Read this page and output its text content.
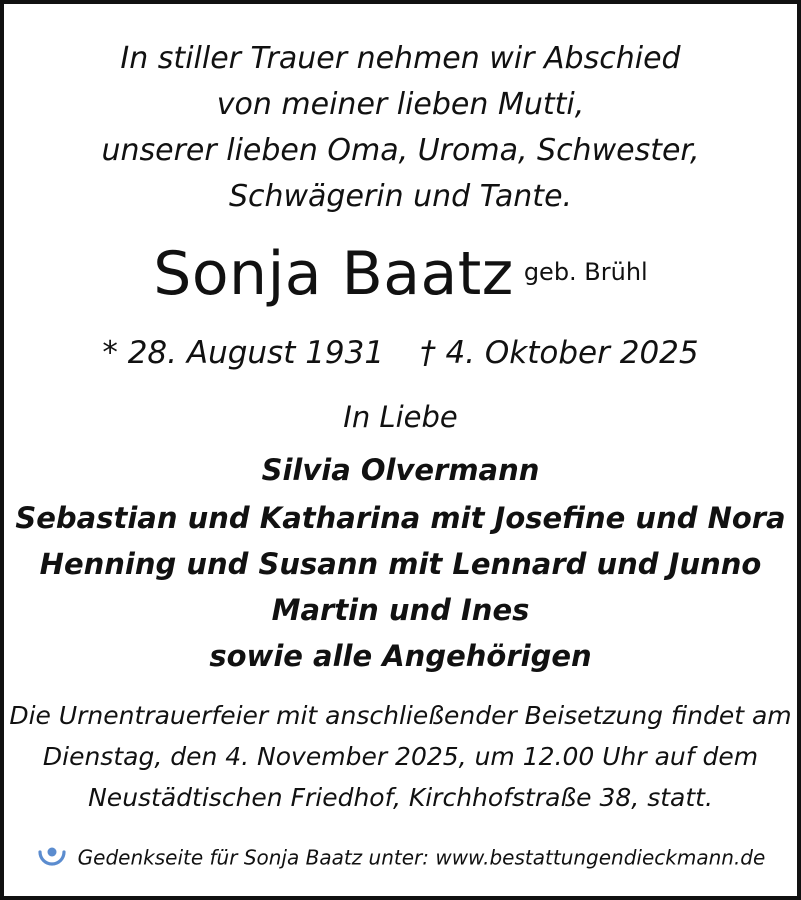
In stiller Trauer nehmen wir Abschied
von meiner lieben Mutti,
unserer lieben Oma, Uroma, Schwester,
Schwägerin und Tante.
Sonja Baatz geb. Brühl
* 28. August 1931 † 4. Oktober 2025
In Liebe
Silvia Olvermann
Sebastian und Katharina mit Josefine und Nora
Henning und Susann mit Lennard und Junno
Martin und Ines
sowie alle Angehörigen
Die Urnentrauerfeier mit anschließender Beisetzung findet am
Dienstag, den 4. November 2025, um 12.00 Uhr auf dem
Neustädtischen Friedhof, Kirchhofstraße 38, statt.
Gedenkseite für Sonja Baatz unter: www.bestattungendieckmann.de
